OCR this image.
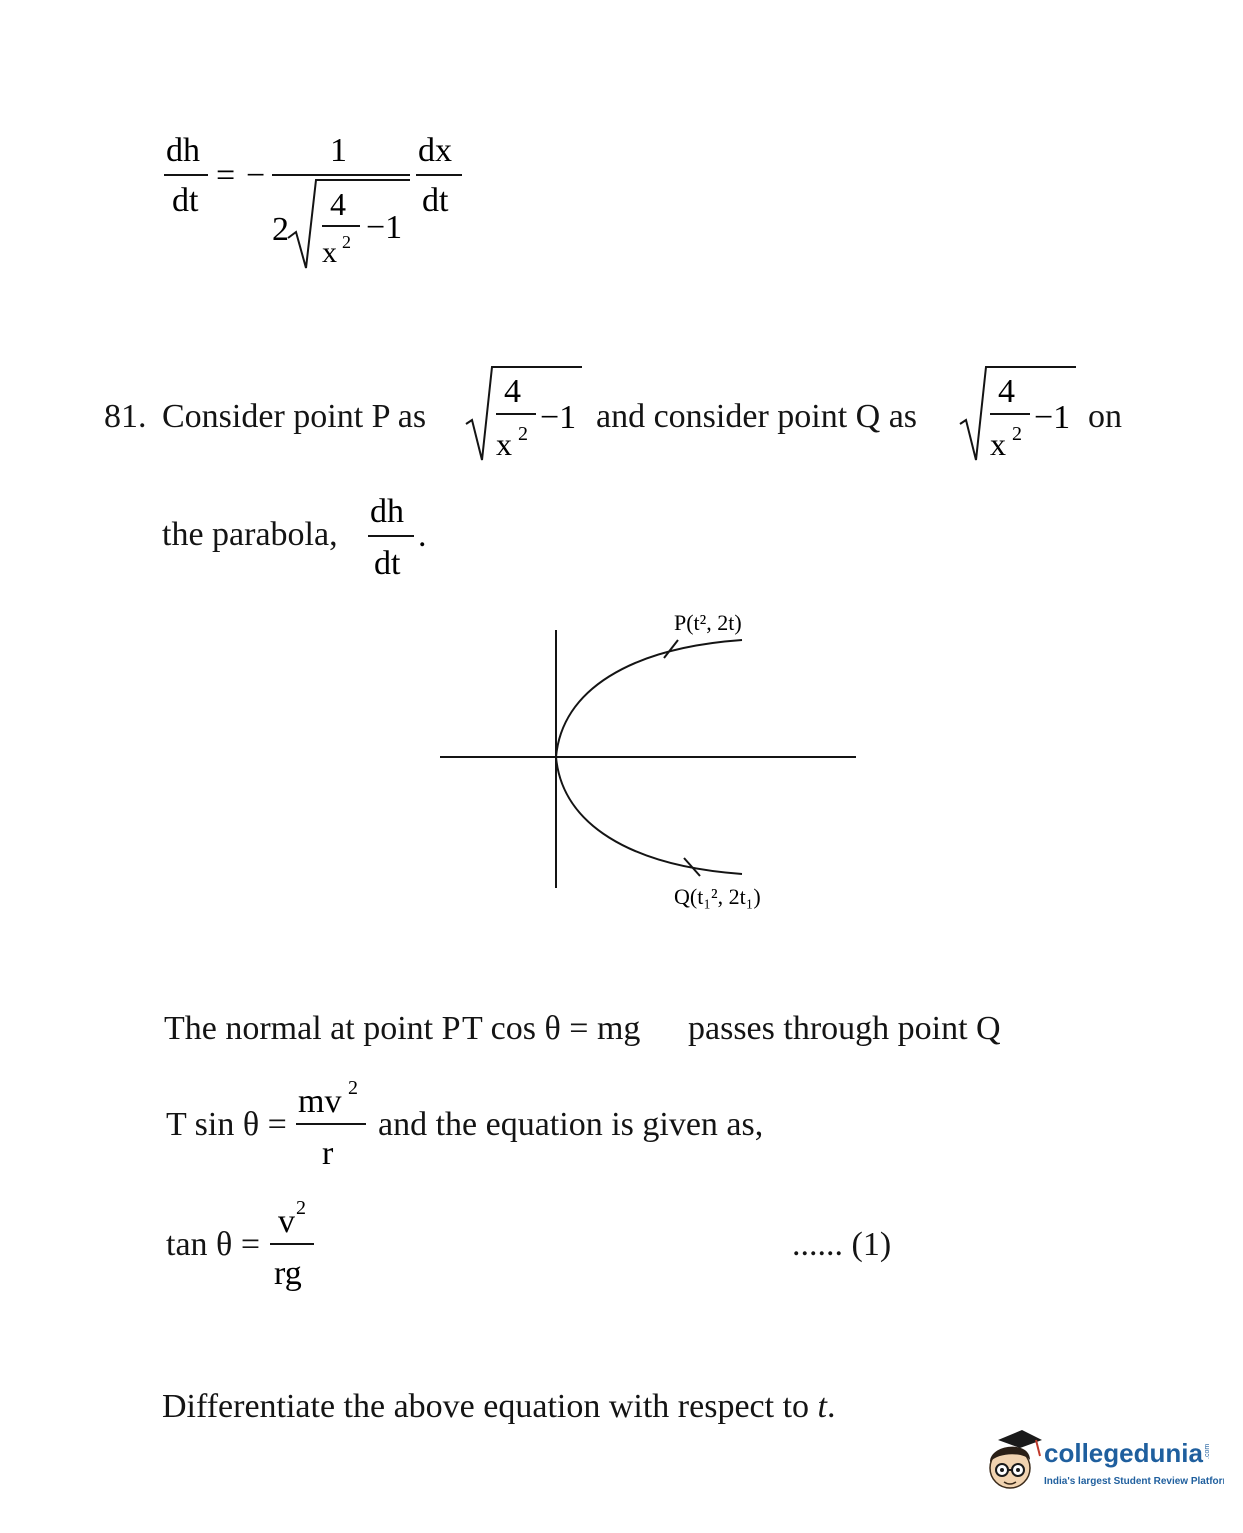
dh
dt
= −
1
2
4
x 2 −1
dx
dt
81. Consider point P as
4
x 2 −1 and consider point Q as
4
x 2 −1 on
the parabola,
dh
dt
.
P(t², 2t)
Q(t₁², 2t₁)
The normal at point P T cos θ = mg passes through point Q
T sin θ =
mv 2
r
and the equation is given as,
tan θ =
v 2
rg
...... (1)
Differentiate the above equation with respect to t.
collegedunia .com
India's largest Student Review Platform
